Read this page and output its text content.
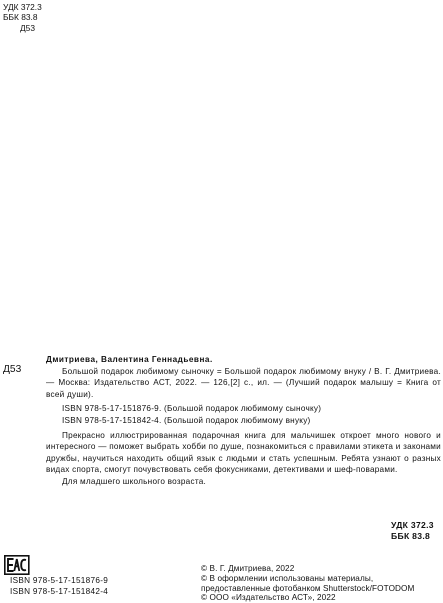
УДК 372.3
ББК 83.8
Д53
Д53

Дмитриева, Валентина Геннадьевна.

Большой подарок любимому сыночку = Большой подарок любимому внуку / В. Г. Дмитриева. — Москва: Издательство АСТ, 2022. — 126,[2] с., ил. — (Лучший подарок малышу = Книга от всей души).

ISBN 978-5-17-151876-9. (Большой подарок любимому сыночку)

ISBN 978-5-17-151842-4. (Большой подарок любимому внуку)

Прекрасно иллюстрированная подарочная книга для мальчишек откроет много нового и интересного — поможет выбрать хобби по душе, познакомиться с правилами этикета и законами дружбы, научиться находить общий язык с людьми и стать успешным. Ребята узнают о разных видах спорта, смогут почувствовать себя фокусниками, детективами и шеф-поварами.

Для младшего школьного возраста.

УДК 372.3
ББК 83.8
ISBN 978-5-17-151876-9
ISBN 978-5-17-151842-4
© В. Г. Дмитриева, 2022
© В оформлении использованы материалы,
предоставленные фотобанком Shutterstock/FOTODOM
© ООО «Издательство АСТ», 2022
